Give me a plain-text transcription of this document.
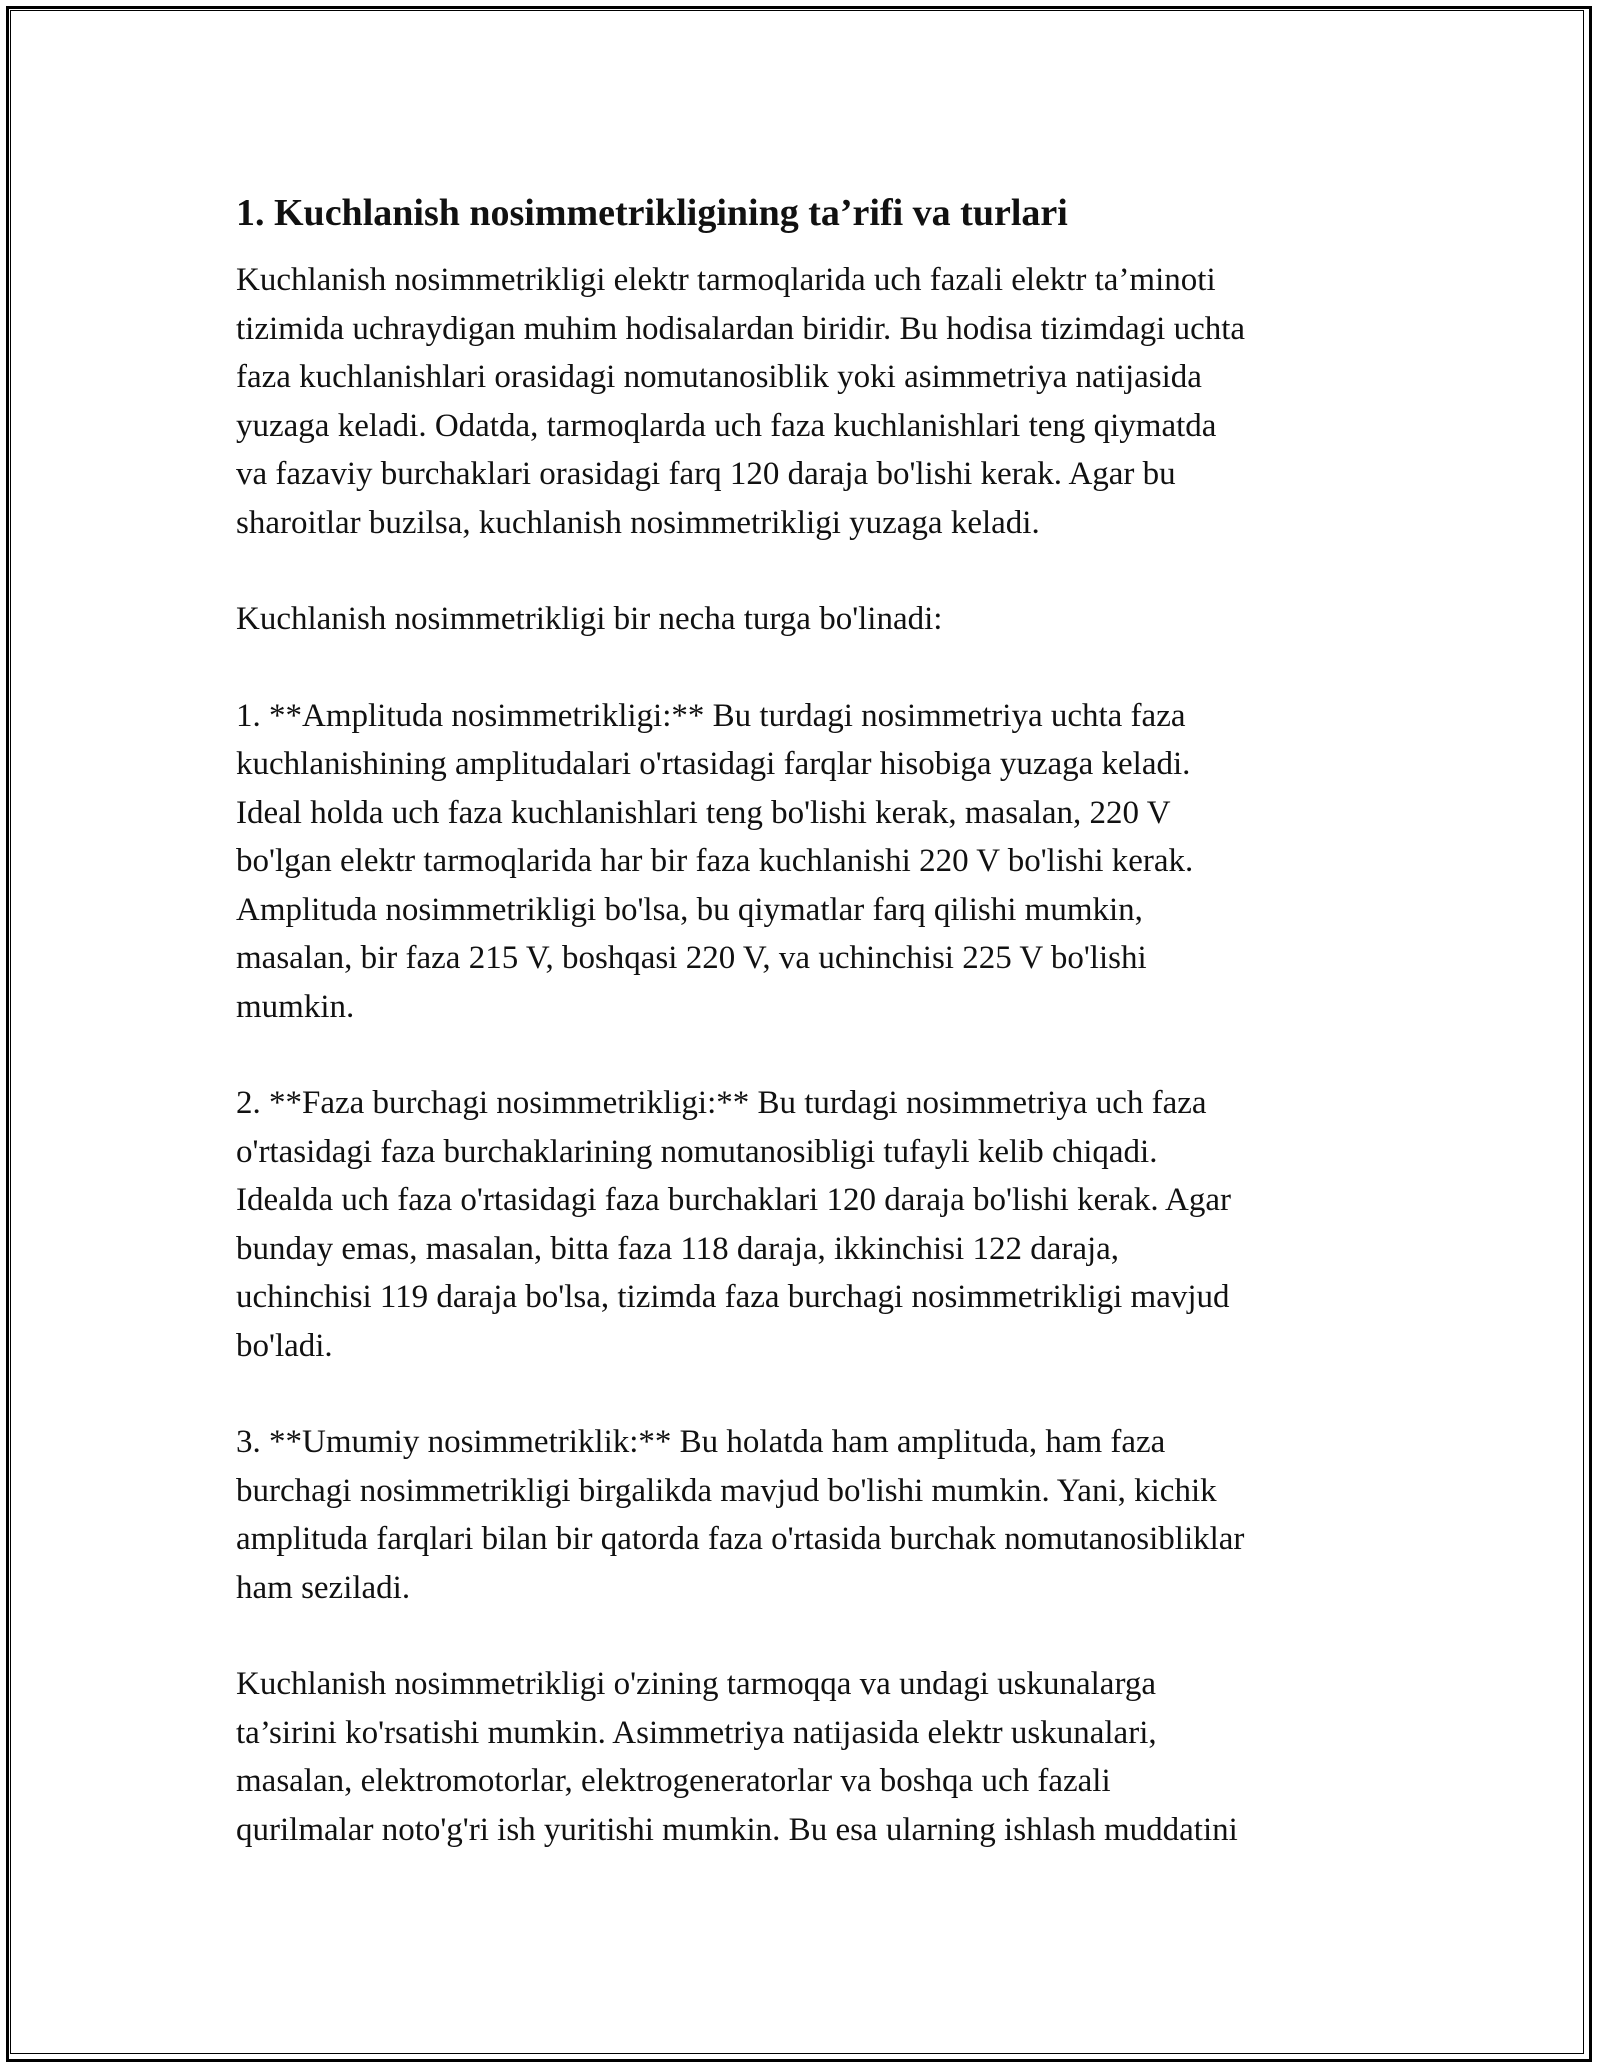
1. Kuchlanish nosimmetrikligining ta’rifi va turlari

Kuchlanish nosimmetrikligi elektr tarmoqlarida uch fazali elektr ta’minoti
tizimida uchraydigan muhim hodisalardan biridir. Bu hodisa tizimdagi uchta
faza kuchlanishlari orasidagi nomutanosiblik yoki asimmetriya natijasida
yuzaga keladi. Odatda, tarmoqlarda uch faza kuchlanishlari teng qiymatda
va fazaviy burchaklari orasidagi farq 120 daraja bo'lishi kerak. Agar bu
sharoitlar buzilsa, kuchlanish nosimmetrikligi yuzaga keladi.

Kuchlanish nosimmetrikligi bir necha turga bo'linadi:

1. **Amplituda nosimmetrikligi:** Bu turdagi nosimmetriya uchta faza
kuchlanishining amplitudalari o'rtasidagi farqlar hisobiga yuzaga keladi.
Ideal holda uch faza kuchlanishlari teng bo'lishi kerak, masalan, 220 V
bo'lgan elektr tarmoqlarida har bir faza kuchlanishi 220 V bo'lishi kerak.
Amplituda nosimmetrikligi bo'lsa, bu qiymatlar farq qilishi mumkin,
masalan, bir faza 215 V, boshqasi 220 V, va uchinchisi 225 V bo'lishi
mumkin.

2. **Faza burchagi nosimmetrikligi:** Bu turdagi nosimmetriya uch faza
o'rtasidagi faza burchaklarining nomutanosibligi tufayli kelib chiqadi.
Idealda uch faza o'rtasidagi faza burchaklari 120 daraja bo'lishi kerak. Agar
bunday emas, masalan, bitta faza 118 daraja, ikkinchisi 122 daraja,
uchinchisi 119 daraja bo'lsa, tizimda faza burchagi nosimmetrikligi mavjud
bo'ladi.

3. **Umumiy nosimmetriklik:** Bu holatda ham amplituda, ham faza
burchagi nosimmetrikligi birgalikda mavjud bo'lishi mumkin. Yani, kichik
amplituda farqlari bilan bir qatorda faza o'rtasida burchak nomutanosibliklar
ham seziladi.

Kuchlanish nosimmetrikligi o'zining tarmoqqa va undagi uskunalarga
ta’sirini ko'rsatishi mumkin. Asimmetriya natijasida elektr uskunalari,
masalan, elektromotorlar, elektrogeneratorlar va boshqa uch fazali
qurilmalar noto'g'ri ish yuritishi mumkin. Bu esa ularning ishlash muddatini
